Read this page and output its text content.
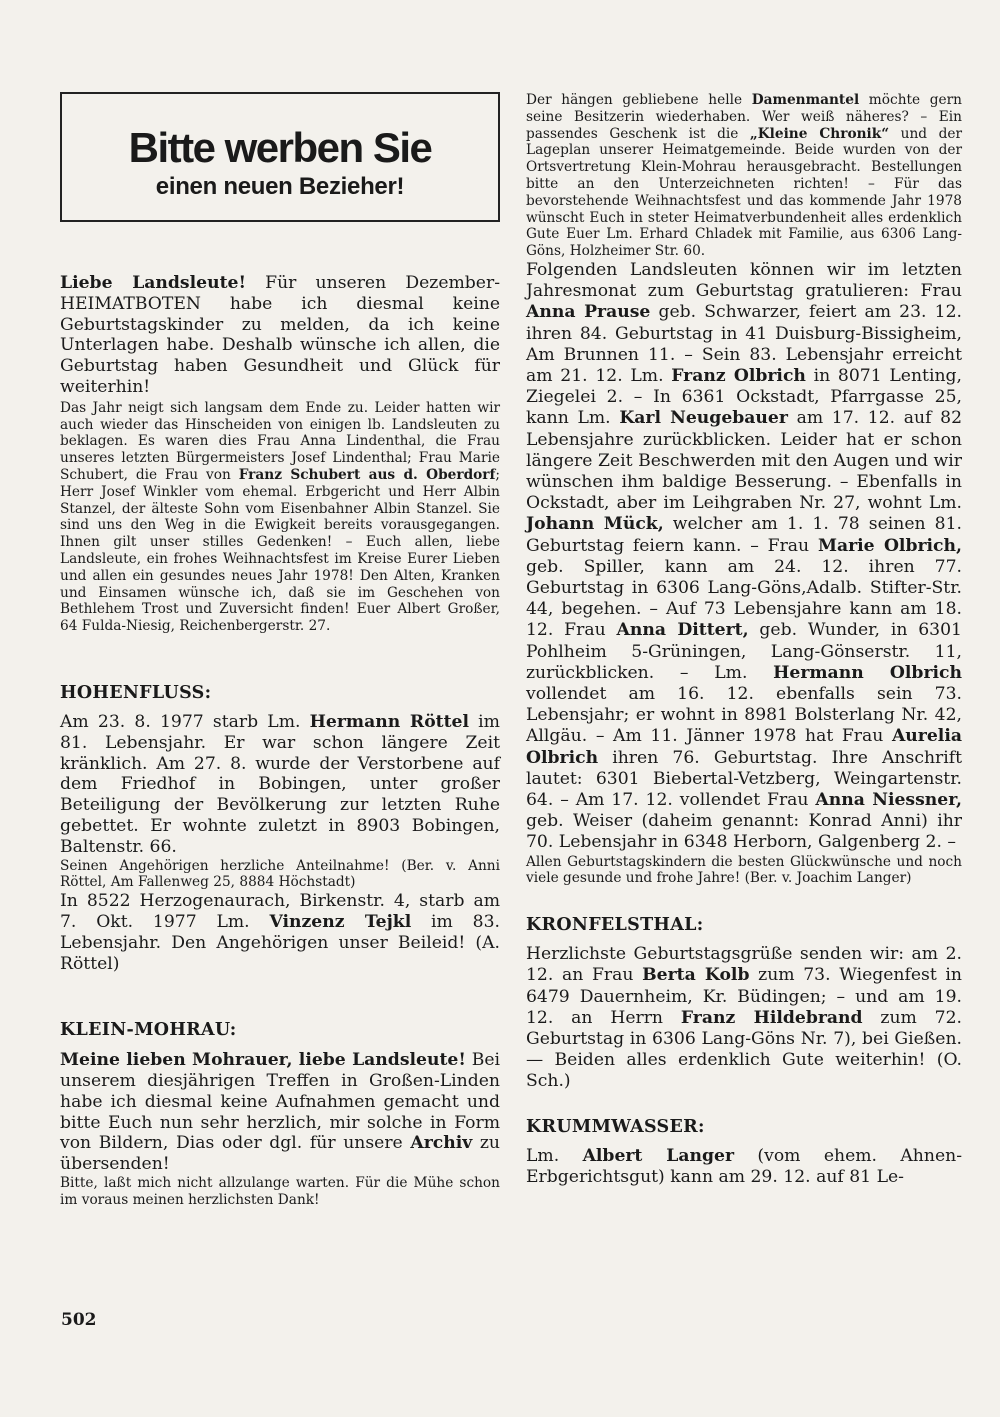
Bitte werben Sie
einen neuen Bezieher!

Liebe Landsleute! Für unseren Dezember-HEIMATBOTEN habe ich diesmal keine Geburtstagskinder zu melden, da ich keine Unterlagen habe. Deshalb wünsche ich allen, die Geburtstag haben Gesundheit und Glück für weiterhin!

Das Jahr neigt sich langsam dem Ende zu. Leider hatten wir auch wieder das Hinscheiden von einigen lb. Landsleuten zu beklagen. Es waren dies Frau Anna Lindenthal, die Frau unseres letzten Bürgermeisters Josef Lindenthal; Frau Marie Schubert, die Frau von Franz Schubert aus d. Oberdorf; Herr Josef Winkler vom ehemal. Erbgericht und Herr Albin Stanzel, der älteste Sohn vom Eisenbahner Albin Stanzel. Sie sind uns den Weg in die Ewigkeit bereits vorausgegangen. Ihnen gilt unser stilles Gedenken! – Euch allen, liebe Landsleute, ein frohes Weihnachtsfest im Kreise Eurer Lieben und allen ein gesundes neues Jahr 1978! Den Alten, Kranken und Einsamen wünsche ich, daß sie im Geschehen von Bethlehem Trost und Zuversicht finden! Euer Albert Großer, 64 Fulda-Niesig, Reichenbergerstr. 27.

HOHENFLUSS:

Am 23. 8. 1977 starb Lm. Hermann Röttel im 81. Lebensjahr. Er war schon längere Zeit kränklich. Am 27. 8. wurde der Verstorbene auf dem Friedhof in Bobingen, unter großer Beteiligung der Bevölkerung zur letzten Ruhe gebettet. Er wohnte zuletzt in 8903 Bobingen, Baltenstr. 66.

Seinen Angehörigen herzliche Anteilnahme! (Ber. v. Anni Röttel, Am Fallenweg 25, 8884 Höchstadt)

In 8522 Herzogenaurach, Birkenstr. 4, starb am 7. Okt. 1977 Lm. Vinzenz Tejkl im 83. Lebensjahr. Den Angehörigen unser Beileid! (A. Röttel)

KLEIN-MOHRAU:

Meine lieben Mohrauer, liebe Landsleute! Bei unserem diesjährigen Treffen in Großen-Linden habe ich diesmal keine Aufnahmen gemacht und bitte Euch nun sehr herzlich, mir solche in Form von Bildern, Dias oder dgl. für unsere Archiv zu übersenden!

Bitte, laßt mich nicht allzulange warten. Für die Mühe schon im voraus meinen herzlichsten Dank!

Der hängen gebliebene helle Damenmantel möchte gern seine Besitzerin wiederhaben. Wer weiß näheres? – Ein passendes Geschenk ist die „Kleine Chronik“ und der Lageplan unserer Heimatgemeinde. Beide wurden von der Ortsvertretung Klein-Mohrau herausgebracht. Bestellungen bitte an den Unterzeichneten richten! – Für das bevorstehende Weihnachtsfest und das kommende Jahr 1978 wünscht Euch in steter Heimatverbundenheit alles erdenklich Gute Euer Lm. Erhard Chladek mit Familie, aus 6306 Lang-Göns, Holzheimer Str. 60.

Folgenden Landsleuten können wir im letzten Jahresmonat zum Geburtstag gratulieren: Frau Anna Prause geb. Schwarzer, feiert am 23. 12. ihren 84. Geburtstag in 41 Duisburg-Bissigheim, Am Brunnen 11. – Sein 83. Lebensjahr erreicht am 21. 12. Lm. Franz Olbrich in 8071 Lenting, Ziegelei 2. – In 6361 Ockstadt, Pfarrgasse 25, kann Lm. Karl Neugebauer am 17. 12. auf 82 Lebensjahre zurückblicken. Leider hat er schon längere Zeit Beschwerden mit den Augen und wir wünschen ihm baldige Besserung. – Ebenfalls in Ockstadt, aber im Leihgraben Nr. 27, wohnt Lm. Johann Mück, welcher am 1. 1. 78 seinen 81. Geburtstag feiern kann. – Frau Marie Olbrich, geb. Spiller, kann am 24. 12. ihren 77. Geburtstag in 6306 Lang-Göns,Adalb. Stifter-Str. 44, begehen. – Auf 73 Lebensjahre kann am 18. 12. Frau Anna Dittert, geb. Wunder, in 6301 Pohlheim 5-Grüningen, Lang-Gönserstr. 11, zurückblicken. – Lm. Hermann Olbrich vollendet am 16. 12. ebenfalls sein 73. Lebensjahr; er wohnt in 8981 Bolsterlang Nr. 42, Allgäu. – Am 11. Jänner 1978 hat Frau Aurelia Olbrich ihren 76. Geburtstag. Ihre Anschrift lautet: 6301 Biebertal-Vetzberg, Weingartenstr. 64. – Am 17. 12. vollendet Frau Anna Niessner, geb. Weiser (daheim genannt: Konrad Anni) ihr 70. Lebensjahr in 6348 Herborn, Galgenberg 2. –

Allen Geburtstagskindern die besten Glückwünsche und noch viele gesunde und frohe Jahre! (Ber. v. Joachim Langer)

KRONFELSTHAL:

Herzlichste Geburtstagsgrüße senden wir: am 2. 12. an Frau Berta Kolb zum 73. Wiegenfest in 6479 Dauernheim, Kr. Büdingen; – und am 19. 12. an Herrn Franz Hildebrand zum 72. Geburtstag in 6306 Lang-Göns Nr. 7), bei Gießen. — Beiden alles erdenklich Gute weiterhin! (O. Sch.)

KRUMMWASSER:

Lm. Albert Langer (vom ehem. Ahnen-Erbgerichtsgut) kann am 29. 12. auf 81 Le-

502
